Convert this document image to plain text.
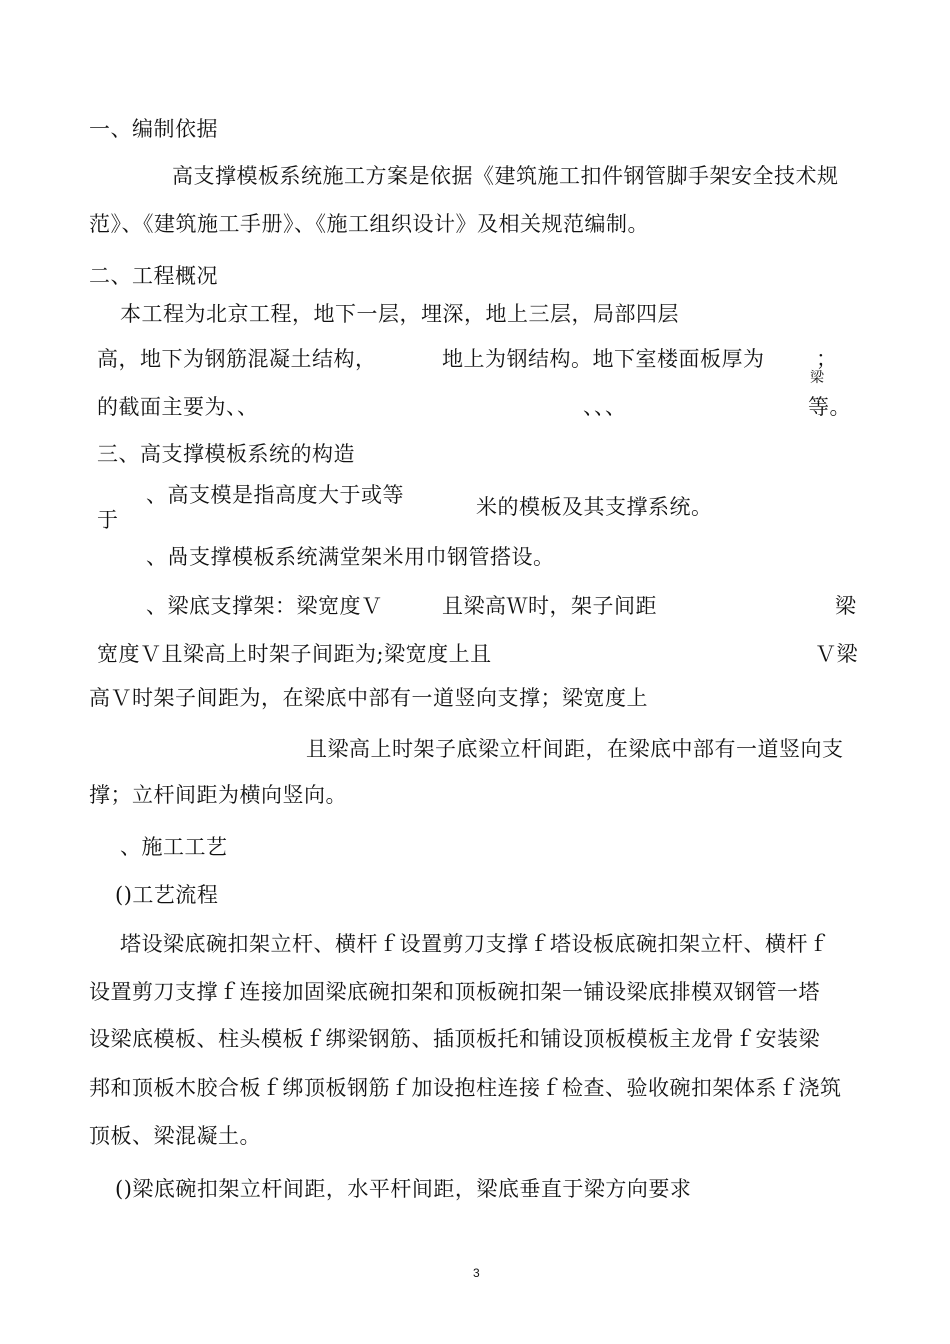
一、编制依据
高支撑模板系统施工方案是依据《建筑施工扣件钢管脚手架安全技术规
范》、《建筑施工手册》、《施工组织设计》及相关规范编制。
二、工程概况
本工程为北京工程，地下一层，埋深，地上三层，局部四层
高，地下为钢筋混凝土结构，	地上为钢结构。地下室楼面板厚为 ；
梁
的截面主要为、、	、、、	等。
三、高支撑模板系统的构造
、高支模是指高度大于或等
于
米的模板及其支撑系统。
、咼支撑模板系统满堂架米用巾钢管搭设。
、梁底支撑架：梁宽度Ｖ	且梁高Ｗ时，架子间距	梁
宽度Ｖ且梁高上时架子间距为;梁宽度上且	Ｖ梁
高Ｖ时架子间距为，在梁底中部有一道竖向支撑；梁宽度上
且梁高上时架子底梁立杆间距，在梁底中部有一道竖向支
撑；立杆间距为横向竖向。
、施工工艺
()工艺流程
塔设梁底碗扣架立杆、横杆ｆ设置剪刀支撑ｆ塔设板底碗扣架立杆、横杆ｆ
设置剪刀支撑ｆ连接加固梁底碗扣架和顶板碗扣架一铺设梁底排模双钢管一塔
设梁底模板、柱头模板ｆ绑梁钢筋、插顶板托和铺设顶板模板主龙骨ｆ安装梁
邦和顶板木胶合板ｆ绑顶板钢筋ｆ加设抱柱连接ｆ检查、验收碗扣架体系ｆ浇筑
顶板、梁混凝土。
()梁底碗扣架立杆间距，水平杆间距，梁底垂直于梁方向要求
3
